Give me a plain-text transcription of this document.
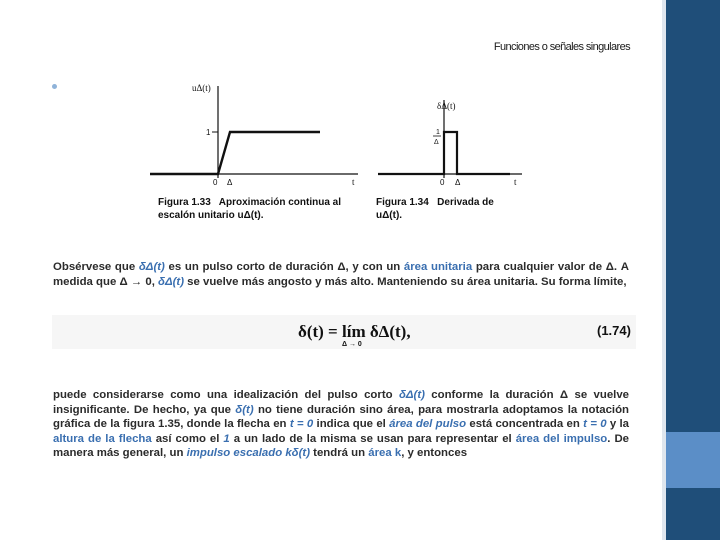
Funciones o señales singulares
uΔ(t)
1
0 Δ	t
δΔ(t)
1
Δ
0 Δ	t
Figura 1.33 Aproximación continua al
escalón unitario uΔ(t).
Figura 1.34 Derivada de
uΔ(t).
Obsérvese que δΔ(t) es un pulso corto de duración Δ, y con un área unitaria para cualquier valor de Δ. A medida que Δ → 0, δΔ(t) se vuelve más angosto y más alto. Manteniendo su área unitaria. Su forma límite,
δ(t) = lím δΔ(t),
Δ → 0
(1.74)
puede considerarse como una idealización del pulso corto δΔ(t) conforme la duración Δ se vuelve insignificante. De hecho, ya que δ(t) no tiene duración sino área, para mostrarla adoptamos la notación gráfica de la figura 1.35, donde la flecha en t = 0 indica que el área del pulso está concentrada en t = 0 y la altura de la flecha así como el 1 a un lado de la misma se usan para representar el área del impulso. De manera más general, un impulso escalado kδ(t) tendrá un área k, y entonces
